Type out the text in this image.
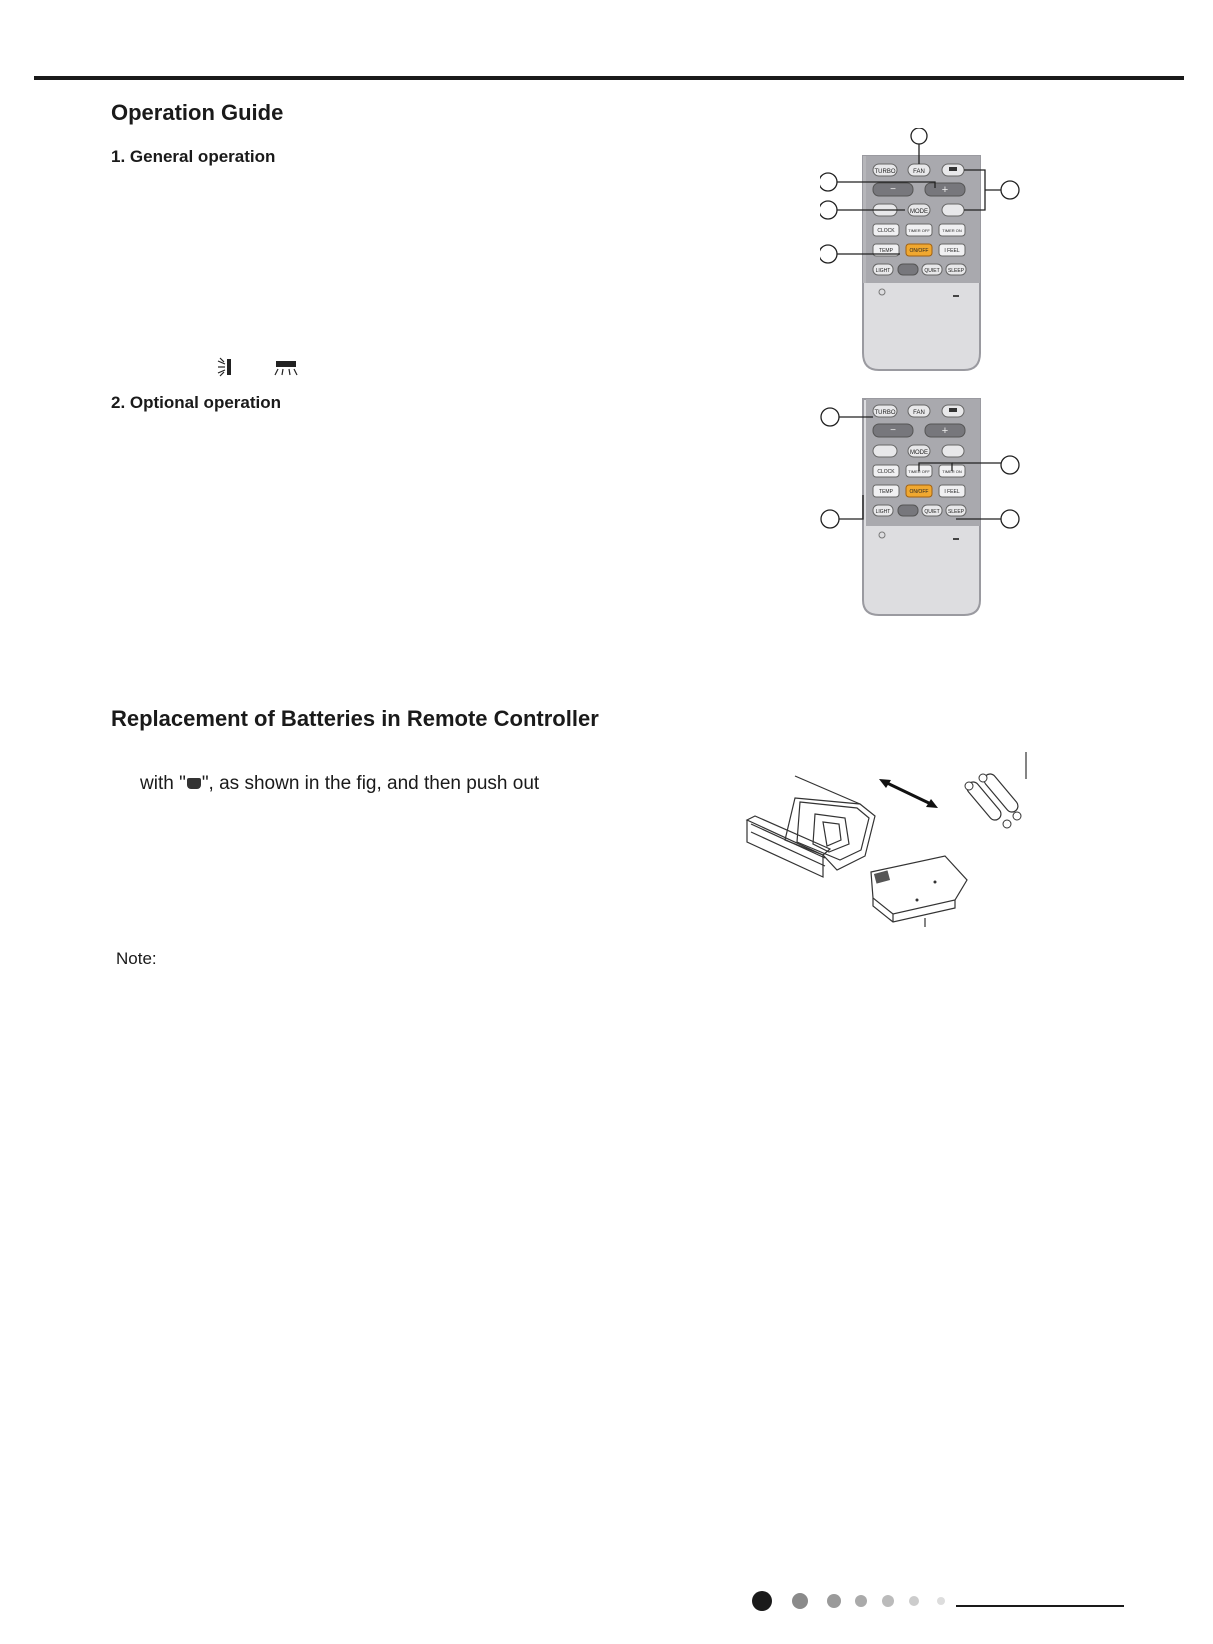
Operation Guide
1. General operation
2. Optional operation
TURBO	FAN
−	+
MODE
CLOCK	TIMER OFF	TIMER ON
TEMP	ON/OFF	I FEEL
LIGHT	QUIET SLEEP
TURBO	FAN
−	+
MODE
CLOCK	TIMER OFF	TIMER ON
TEMP	ON/OFF	I FEEL
LIGHT	QUIET SLEEP
Replacement of Batteries in Remote Controller
with " ", as shown in the fig, and then push out
Note:
